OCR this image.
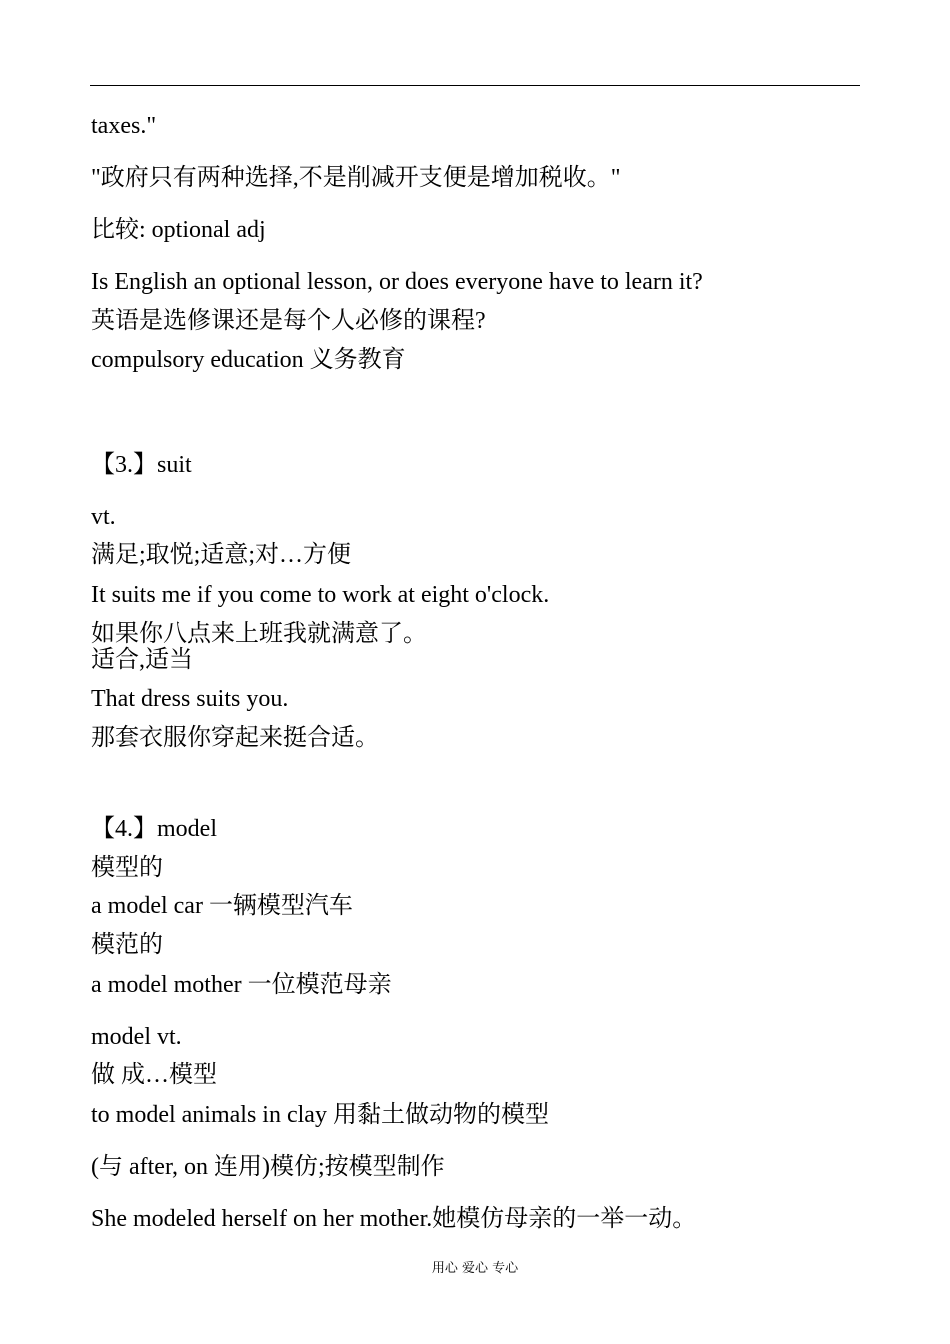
taxes."
"政府只有两种选择,不是削减开支便是增加税收。"
比较: optional adj
Is English an optional lesson, or does everyone have to learn it?
英语是选修课还是每个人必修的课程?
compulsory education 义务教育
【3.】suit
vt.
满足;取悦;适意;对…方便
It suits me if you come to work at eight o'clock.
如果你八点来上班我就满意了。
适合,适当
That dress suits you.
那套衣服你穿起来挺合适。
【4.】model
模型的
a model car 一辆模型汽车
模范的
a model mother 一位模范母亲
model vt.
做 成…模型
to model animals in clay 用黏土做动物的模型
(与 after, on 连用)模仿;按模型制作
She modeled herself on her mother.她模仿母亲的一举一动。
用心 爱心 专心
